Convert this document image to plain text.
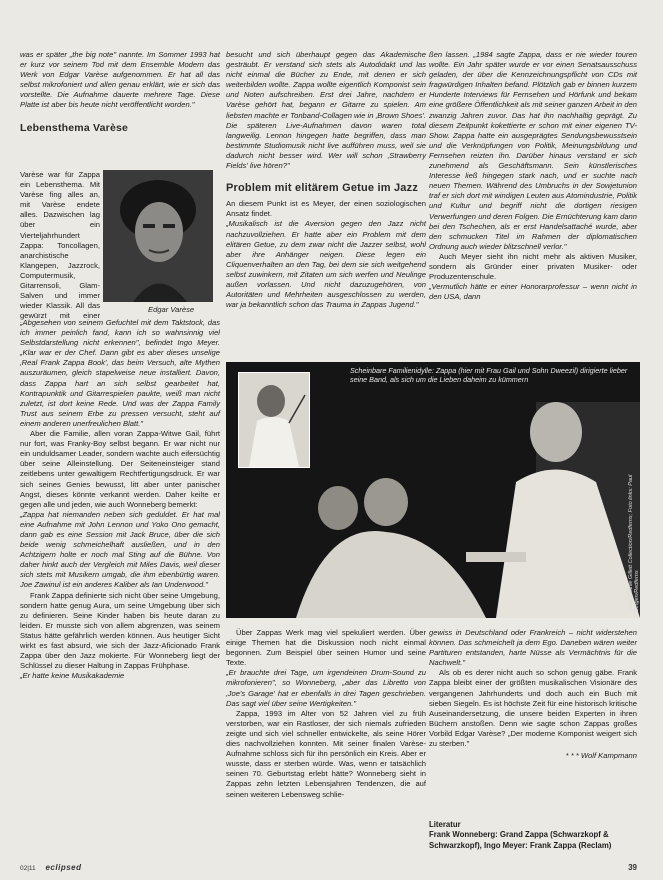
was er später „the big note" nannte. Im Sommer 1993 hat er kurz vor seinem Tod mit dem Ensemble Modern das Werk von Edgar Varèse aufgenommen. Er hat all das selbst mikrofoniert und allen genau erklärt, wie er sich das vorstellte. Die Aufnahme dauerte mehrere Tage. Diese Platte ist aber bis heute nicht veröffentlicht worden."

Lebensthema Varèse

Varèse war für Zappa ein Lebensthema. Mit Varèse fing alles an, mit Varèse endete alles. Dazwischen lag über ein Vierteljahrhundert Zappa: Toncollagen, anarchistische Klangepen, Jazzrock, Computermusik, Gitarrensoli, Glam-Salven und immer wieder Klassik. All das gewürzt mit einer

Edgar Varèse

„Abgesehen von seinem Gefuchtel mit dem Taktstock, das ich immer peinlich fand, kann ich so wahnsinnig viel Selbstdarstellung nicht erkennen", befindet Ingo Meyer. „Klar war er der Chef. Dann gibt es aber dieses unselige ‚Real Frank Zappa Book', das beim Versuch, alte Mythen auszuräumen, gleich stapelweise neue installiert. Davon, dass Zappa hart an sich selbst gearbeitet hat, Kontrapunktik und Gitarrespielen paukte, weiß man nicht zuletzt, ist dort keine Rede. Und was der Zappa Family Trust aus seinem Erbe zu pressen versucht, steht auf einem anderen unerfreulichen Blatt."

Aber die Familie, allen voran Zappa-Witwe Gail, führt nur fort, was Franky-Boy selbst begann. Er war nicht nur ein unduldsamer Leader, sondern wachte auch eifersüchtig über seine Alleinstellung. Der Seiteneinsteiger stand zeitlebens unter gewaltigem Rechtfertigungsdruck. Er war sich seines Genies bewusst, litt aber unter panischer Angst, dieses könnte verkannt werden. Daher keilte er gegen alle und jeden, wie auch Wonneberg bemerkt:

„Zappa hat niemanden neben sich geduldet. Er hat mal eine Aufnahme mit John Lennon und Yoko Ono gemacht, dann gab es eine Session mit Jack Bruce, über die sich beide wenig schmeichelhaft ausließen, und in den Achtzigern holte er noch mal Sting auf die Bühne. Von daher hinkt auch der Vergleich mit Miles Davis, weil dieser sich stets mit Musikern umgab, die ihm ebenbürtig waren. Joe Zawinul ist ein anderes Kaliber als Ian Underwood."

Frank Zappa definierte sich nicht über seine Umgebung, sondern hatte genug Aura, um seine Umgebung über sich zu definieren. Seine Kinder haben bis heute daran zu leiden. Er musste sich von allem abgrenzen, was seinem Status hätte gefährlich werden können. Aus heutiger Sicht wirkt es fast absurd, wie sich der Jazz-Aficionado Frank Zappa über den Jazz mokierte. Für Wonneberg liegt der Schlüssel zu dieser Haltung in Zappas Frühphase.

„Er hatte keine Musikakademie

besucht und sich überhaupt gegen das Akademische gesträubt. Er verstand sich stets als Autodidakt und las nicht einmal die Bücher zu Ende, mit denen er sich weiterbilden wollte. Zappa wollte eigentlich Komponist sein und Noten aufschreiben. Erst drei Jahre, nachdem er Varèse gehört hat, begann er Gitarre zu spielen. Am liebsten machte er Tonband-Collagen wie in ‚Brown Shoes'. Die späteren Live-Aufnahmen davon waren total langweilig. Lennon hingegen hatte begriffen, dass man bestimmte Studiomusik nicht live aufführen muss, weil sie dadurch nicht besser wird. Wer will schon ‚Strawberry Fields' live hören?"

Problem mit elitärem Getue im Jazz

An diesem Punkt ist es Meyer, der einen soziologischen Ansatz findet.

„Musikalisch ist die Aversion gegen den Jazz nicht nachzuvollziehen. Er hatte aber ein Problem mit dem elitären Getue, zu dem zwar nicht die Jazzer selbst, wohl aber ihre Anhänger neigen. Diese legen ein Cliquenverhalten an den Tag, bei dem sie sich weitgehend selbst zuwinkern, mit Zitaten um sich werfen und Neulinge außen vorlassen. Und nicht dazuzugehören, von Autoritäten und Mehrheiten ausgeschlossen zu werden, war ja bekanntlich schon das Trauma in Zappas Jugend."

ßen lassen. „1984 sagte Zappa, dass er nie wieder touren wollte. Ein Jahr später wurde er vor einen Senatsausschuss geladen, der über die Kennzeichnungspflicht von CDs mit fragwürdigen Inhalten befand. Plötzlich gab er binnen kurzem Hunderte Interviews für Fernsehen und Hörfunk und bekam eine größere Öffentlichkeit als mit seiner ganzen Arbeit in den zwanzig Jahren zuvor. Das hat ihn nachhaltig geprägt. Zu diesem Zeitpunkt kokettierte er schon mit einer eigenen TV-Show. Zappa hatte ein ausgeprägtes Sendungsbewusstsein und die Verknüpfungen von Politik, Meinungsbildung und Fernsehen reizten ihn. Darüber hinaus verstand er sich zunehmend als Geschäftsmann. Sein künstlerisches Interesse ließ hingegen stark nach, und er suchte nach neuen Themen. Während des Umbruchs in der Sowjetunion traf er sich dort mit windigen Leuten aus Atomindustrie, Politik und Kultur und begriff nicht die dortigen riesigen Verwerfungen und deren Folgen. Die Ernüchterung kam dann bei den Tschechen, als er erst Handelsattaché wurde, aber den schmucken Titel im Rahmen der diplomatischen Ordnung auch wieder blitzschnell verlor."

Auch Meyer sieht ihn nicht mehr als aktiven Musiker, sondern als Gründer einer privaten Musiker- oder Produzentenschule.

„Vermutlich hätte er einer Honorarprofessur – wenn nicht in den USA, dann

Scheinbare Familienidylle: Zappa (hier mit Frau Gail und Sohn Dweezil) dirigierte lieber seine Band, als sich um die Lieben daheim zu kümmern
Foto: Charlie Gillett Collection/Redferns; Foto links: Paul Bergen/Redferns

Über Zappas Werk mag viel spekuliert werden. Über einige Themen hat die Diskussion noch nicht einmal begonnen. Zum Beispiel über seinen Humor und seine Texte.

„Er brauchte drei Tage, um irgendeinen Drum-Sound zu mikrofonieren", so Wonneberg, „aber das Libretto von ‚Joe's Garage' hat er ebenfalls in drei Tagen geschrieben. Das sagt viel über seine Wertigkeiten."

Zappa, 1993 im Alter von 52 Jahren viel zu früh verstorben, war ein Rastloser, der sich niemals zufrieden zeigte und sich viel schneller entwickelte, als seine Hörer dies nachvollziehen konnten. Mit seiner finalen Varèse-Aufnahme schloss sich für ihn persönlich ein Kreis. Aber er wusste, dass er sterben würde. Was, wenn er tatsächlich seinen 70. Geburtstag erlebt hätte? Wonneberg sieht in Zappas zehn letzten Lebensjahren Tendenzen, die auf seinen weiteren Lebensweg schlie-

gewiss in Deutschland oder Frankreich – nicht widerstehen können. Das schmeichelt ja dem Ego. Daneben wären weiter Partituren entstanden, harte Nüsse als Vermächtnis für die Nachwelt."

Als ob es derer nicht auch so schon genug gäbe. Frank Zappa bleibt einer der größten musikalischen Visionäre des vergangenen Jahrhunderts und doch auch ein Buch mit sieben Siegeln. Es ist höchste Zeit für eine historisch kritische Auseinandersetzung, die unsere beiden Experten in ihren Büchern anstoßen. Denn wie sagte schon Zappas großes Vorbild Edgar Varèse? „Der moderne Komponist weigert sich zu sterben."

* * * Wolf Kampmann

Literatur
Frank Wonneberg: Grand Zappa (Schwarzkopf & Schwarzkopf), Ingo Meyer: Frank Zappa (Reclam)
02|11 eclipsed	39
